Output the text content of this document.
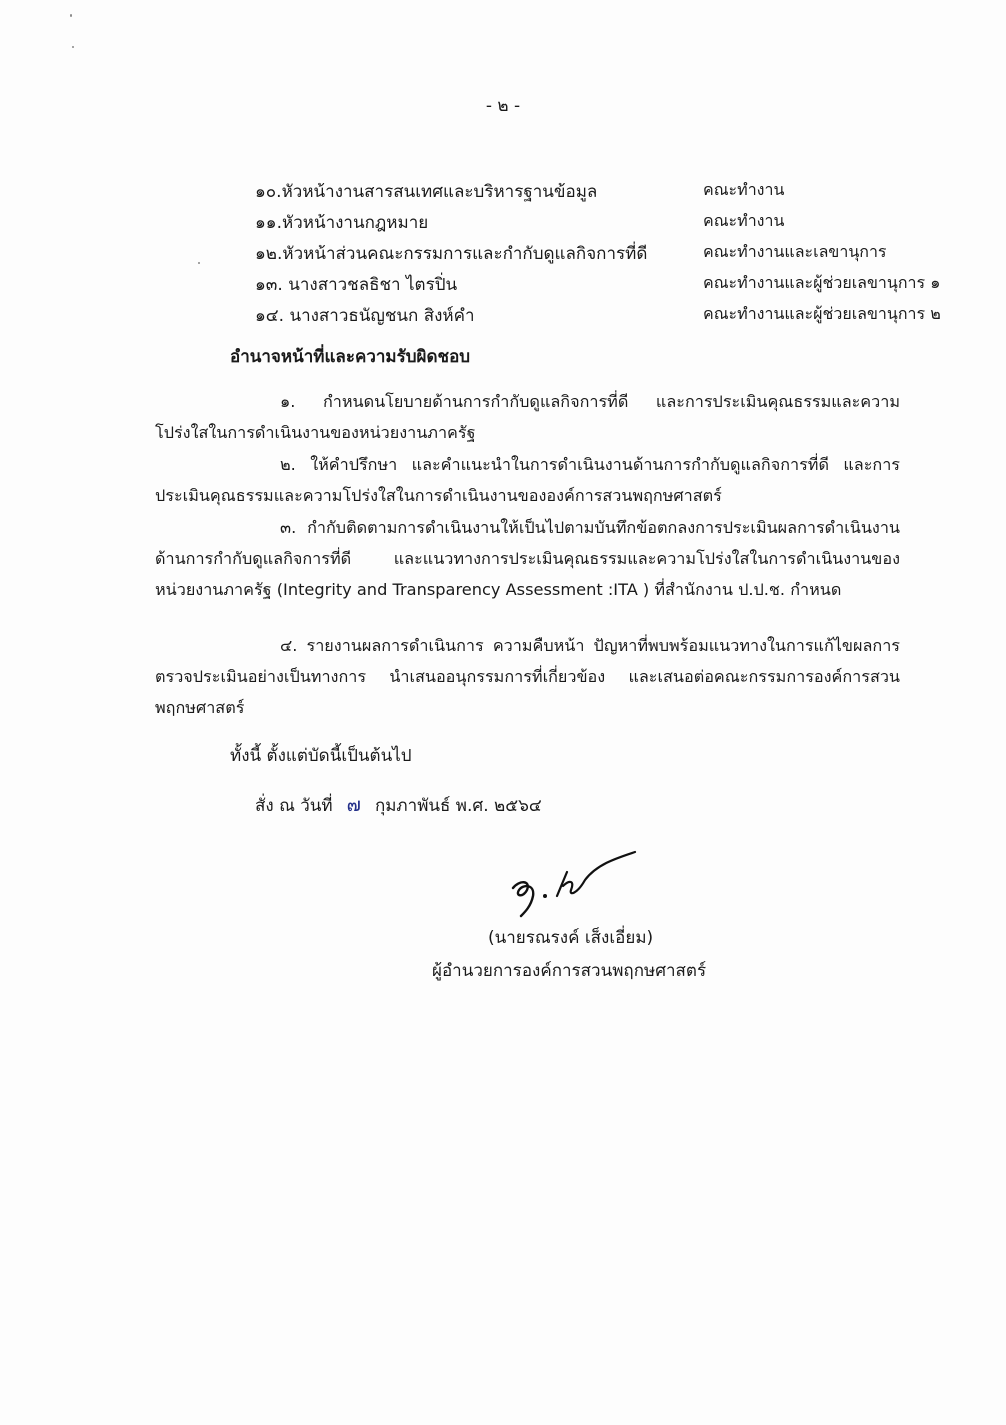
- ๒ -
๑๐.หัวหน้างานสารสนเทศและบริหารฐานข้อมูล	คณะทำงาน
๑๑.หัวหน้างานกฎหมาย	คณะทำงาน
๑๒.หัวหน้าส่วนคณะกรรมการและกำกับดูแลกิจการที่ดี	คณะทำงานและเลขานุการ
๑๓. นางสาวชลธิชา ไตรปิ่น	คณะทำงานและผู้ช่วยเลขานุการ ๑
๑๔. นางสาวธนัญชนก สิงห์คำ	คณะทำงานและผู้ช่วยเลขานุการ ๒
อำนาจหน้าที่และความรับผิดชอบ

๑. กำหนดนโยบายด้านการกำกับดูแลกิจการที่ดี และการประเมินคุณธรรมและความโปร่งใสในการดำเนินงานของหน่วยงานภาครัฐ

๒. ให้คำปรึกษา และคำแนะนำในการดำเนินงานด้านการกำกับดูแลกิจการที่ดี และการประเมินคุณธรรมและความโปร่งใสในการดำเนินงานขององค์การสวนพฤกษศาสตร์

๓. กำกับติดตามการดำเนินงานให้เป็นไปตามบันทึกข้อตกลงการประเมินผลการดำเนินงานด้านการกำกับดูแลกิจการที่ดี และแนวทางการประเมินคุณธรรมและความโปร่งใสในการดำเนินงานของหน่วยงานภาครัฐ (Integrity and Transparency Assessment :ITA ) ที่สำนักงาน ป.ป.ช. กำหนด

๔. รายงานผลการดำเนินการ ความคืบหน้า ปัญหาที่พบพร้อมแนวทางในการแก้ไขผลการตรวจประเมินอย่างเป็นทางการ นำเสนออนุกรรมการที่เกี่ยวข้อง และเสนอต่อคณะกรรมการองค์การสวนพฤกษศาสตร์

ทั้งนี้ ตั้งแต่บัดนี้เป็นต้นไป
สั่ง ณ วันที่ ๗ กุมภาพันธ์ พ.ศ. ๒๕๖๔
(นายรณรงค์ เส็งเอี่ยม)
ผู้อำนวยการองค์การสวนพฤกษศาสตร์
